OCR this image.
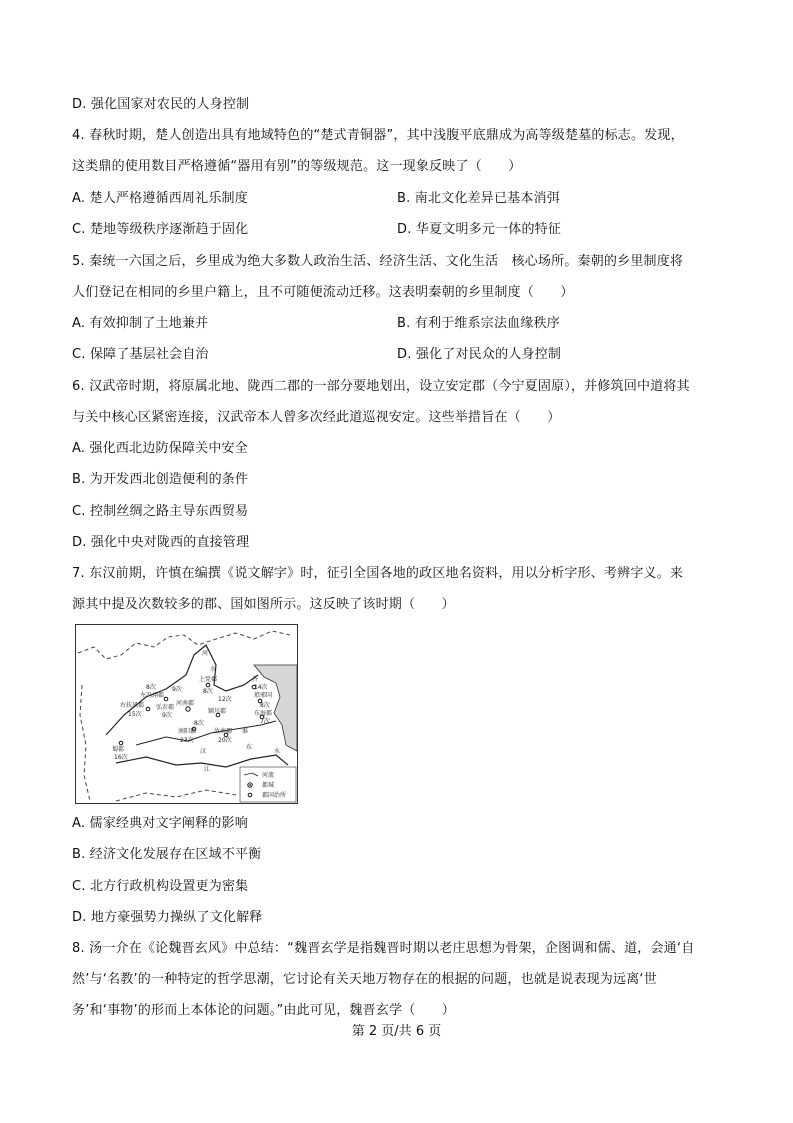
D. 强化国家对农民的人身控制
4. 春秋时期，楚人创造出具有地域特色的“楚式青铜器”，其中浅腹平底鼎成为高等级楚墓的标志。发现，
这类鼎的使用数目严格遵循“器用有别”的等级规范。这一现象反映了（　　）
A. 楚人严格遵循西周礼乐制度	B. 南北文化差异已基本消弭
C. 楚地等级秩序逐渐趋于固化	D. 华夏文明多元一体的特征
5. 秦统一六国之后，乡里成为绝大多数人政治生活、经济生活、文化生活　核心场所。秦朝的乡里制度将
人们登记在相同的乡里户籍上，且不可随便流动迁移。这表明秦朝的乡里制度（　　）
A. 有效抑制了土地兼并	B. 有利于维系宗法血缘秩序
C. 保障了基层社会自治	D. 强化了对民众的人身控制
6. 汉武帝时期，将原属北地、陇西二郡的一部分要地划出，设立安定郡（今宁夏固原），并修筑回中道将其
与关中核心区紧密连接，汉武帝本人曾多次经此道巡视安定。这些举措旨在（　　）
A. 强化西北边防保障关中安全
B. 为开发西北创造便利的条件
C. 控制丝绸之路主导东西贸易
D. 强化中央对陇西的直接管理
7. 东汉前期，许慎在编撰《说文解字》时，征引全国各地的政区地名资料，用以分析字形、考辨字义。来
源其中提及次数较多的郡、国如图所示。这反映了该时期（　　）
河
水
上党郡
8次
8次
左冯翊郡
右扶风郡
15次
弘农郡
9次
9次
河南郡
颍川郡
12次
齐
14次
琅邪国
8次
东海郡
7次
8次
南阳郡
23次
汝南郡
20次
淮
蜀郡
16次
汉
江
东
水
河流
都城
郡国治所
A. 儒家经典对文字阐释的影响
B. 经济文化发展存在区域不平衡
C. 北方行政机构设置更为密集
D. 地方豪强势力操纵了文化解释
8. 汤一介在《论魏晋玄风》中总结：“魏晋玄学是指魏晋时期以老庄思想为骨架，企图调和儒、道，会通‘自
然’与‘名教’的一种特定的哲学思潮，它讨论有关天地万物存在的根据的问题，也就是说表现为远离‘世
务’和‘事物’的形而上本体论的问题。”由此可见，魏晋玄学（　　）
第 2 页/共 6 页
